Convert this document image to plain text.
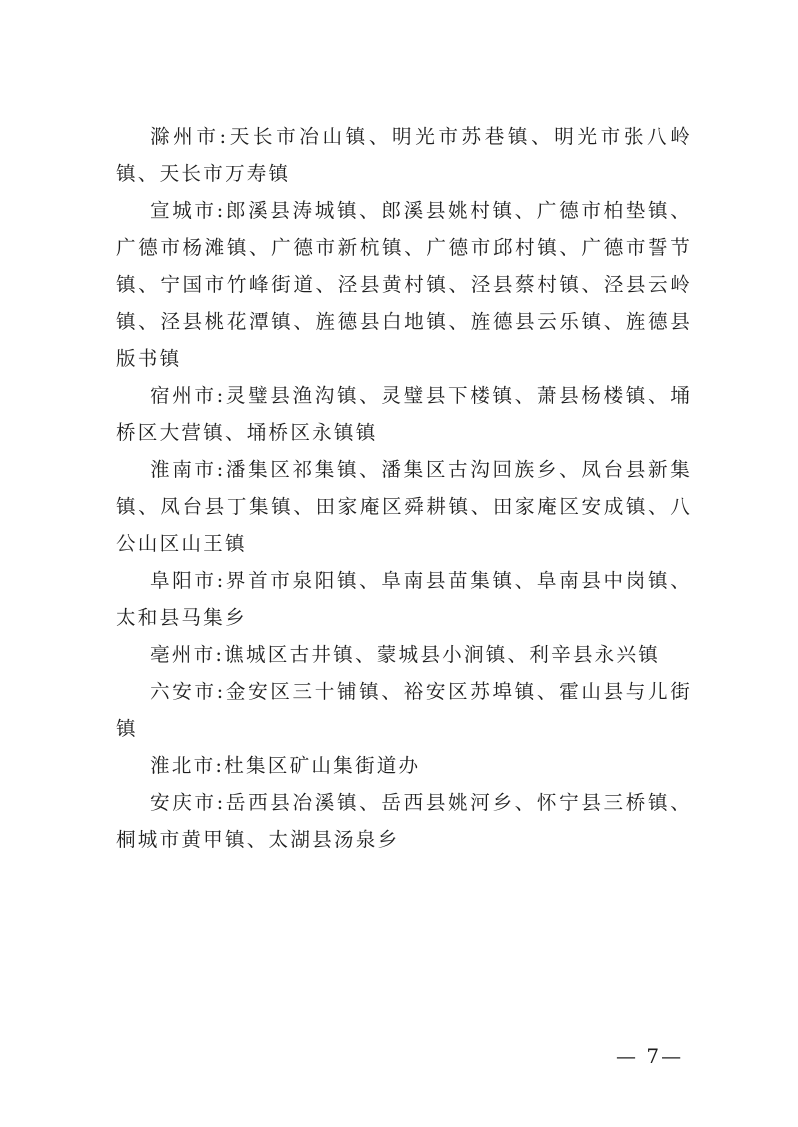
滁州市:天长市冶山镇、明光市苏巷镇、明光市张八岭镇、天长市万寿镇

宣城市:郎溪县涛城镇、郎溪县姚村镇、广德市柏垫镇、广德市杨滩镇、广德市新杭镇、广德市邱村镇、广德市誓节镇、宁国市竹峰街道、泾县黄村镇、泾县蔡村镇、泾县云岭镇、泾县桃花潭镇、旌德县白地镇、旌德县云乐镇、旌德县版书镇

宿州市:灵璧县渔沟镇、灵璧县下楼镇、萧县杨楼镇、埇桥区大营镇、埇桥区永镇镇

淮南市:潘集区祁集镇、潘集区古沟回族乡、凤台县新集镇、凤台县丁集镇、田家庵区舜耕镇、田家庵区安成镇、八公山区山王镇

阜阳市:界首市泉阳镇、阜南县苗集镇、阜南县中岗镇、太和县马集乡

亳州市:谯城区古井镇、蒙城县小涧镇、利辛县永兴镇

六安市:金安区三十铺镇、裕安区苏埠镇、霍山县与儿街镇

淮北市:杜集区矿山集街道办

安庆市:岳西县冶溪镇、岳西县姚河乡、怀宁县三桥镇、桐城市黄甲镇、太湖县汤泉乡

— 7—
